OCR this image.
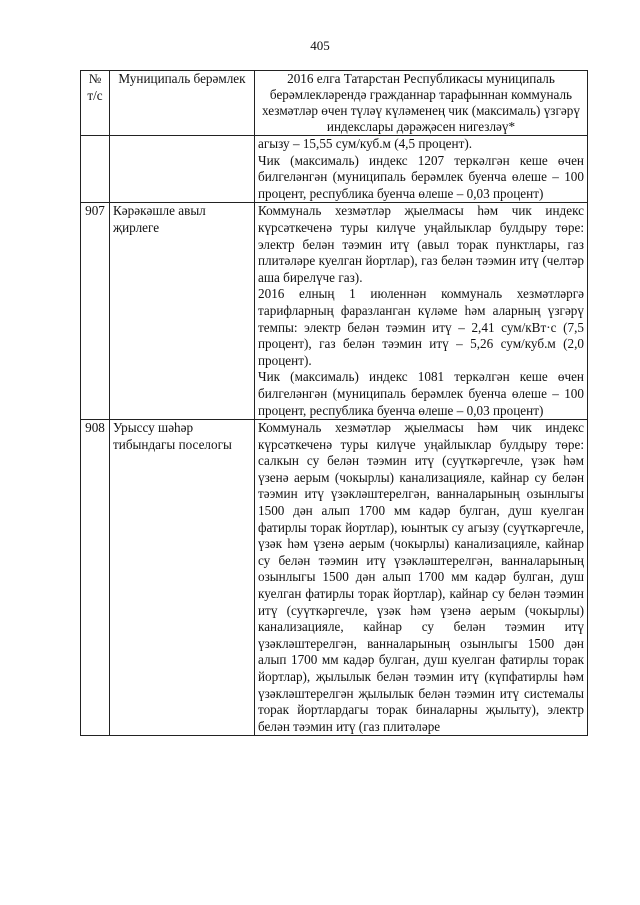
405
№ т/с	Муниципаль берәмлек	2016 елга Татарстан Республикасы муниципаль берәмлекләрендә гражданнар тарафыннан коммуналь хезмәтләр өчен түләү күләменең чик (максималь) үзгәрү индекслары дәрәҗәсен нигезләү*

		агызу – 15,55 сум/куб.м (4,5 процент).

Чик (максималь) индекс 1207 теркәлгән кеше өчен билгеләнгән (муниципаль берәмлек буенча өлеше – 100 процент, республика буенча өлеше – 0,03 процент)

907	Кәрәкәшле авыл җирлеге	Коммуналь хезмәтләр җыелмасы һәм чик индекс күрсәткеченә туры килүче уңайлыклар булдыру төре: электр белән тәэмин итү (авыл торак пунктлары, газ плитәләре куелган йортлар), газ белән тәэмин итү (челтәр аша бирелүче газ).

2016 елның 1 июленнән коммуналь хезмәтләргә тарифларның фаразланган күләме һәм аларның үзгәрү темпы: электр белән тәэмин итү – 2,41 сум/кВт·с (7,5 процент), газ белән тәэмин итү – 5,26 сум/куб.м (2,0 процент).

Чик (максималь) индекс 1081 теркәлгән кеше өчен билгеләнгән (муниципаль берәмлек буенча өлеше – 100 процент, республика буенча өлеше – 0,03 процент)

908	Урыссу шәһәр тибындагы поселогы	Коммуналь хезмәтләр җыелмасы һәм чик индекс күрсәткеченә туры килүче уңайлыклар булдыру төре: салкын су белән тәэмин итү (суүткәргечле, үзәк һәм үзенә аерым (чокырлы) канализацияле, кайнар су белән тәэмин итү үзәкләштерелгән, ванналарының озынлыгы 1500 дән алып 1700 мм кадәр булган, душ куелган фатирлы торак йортлар), юынтык су агызу (суүткәргечле, үзәк һәм үзенә аерым (чокырлы) канализацияле, кайнар су белән тәэмин итү үзәкләштерелгән, ванналарының озынлыгы 1500 дән алып 1700 мм кадәр булган, душ куелган фатирлы торак йортлар), кайнар су белән тәэмин итү (суүткәргечле, үзәк һәм үзенә аерым (чокырлы) канализацияле, кайнар су белән тәэмин итү үзәкләштерелгән, ванналарының озынлыгы 1500 дән алып 1700 мм кадәр булган, душ куелган фатирлы торак йортлар), җылылык белән тәэмин итү (күпфатирлы һәм үзәкләштерелгән җылылык белән тәэмин итү системалы торак йортлардагы торак биналарны җылыту), электр белән тәэмин итү (газ плитәләре
